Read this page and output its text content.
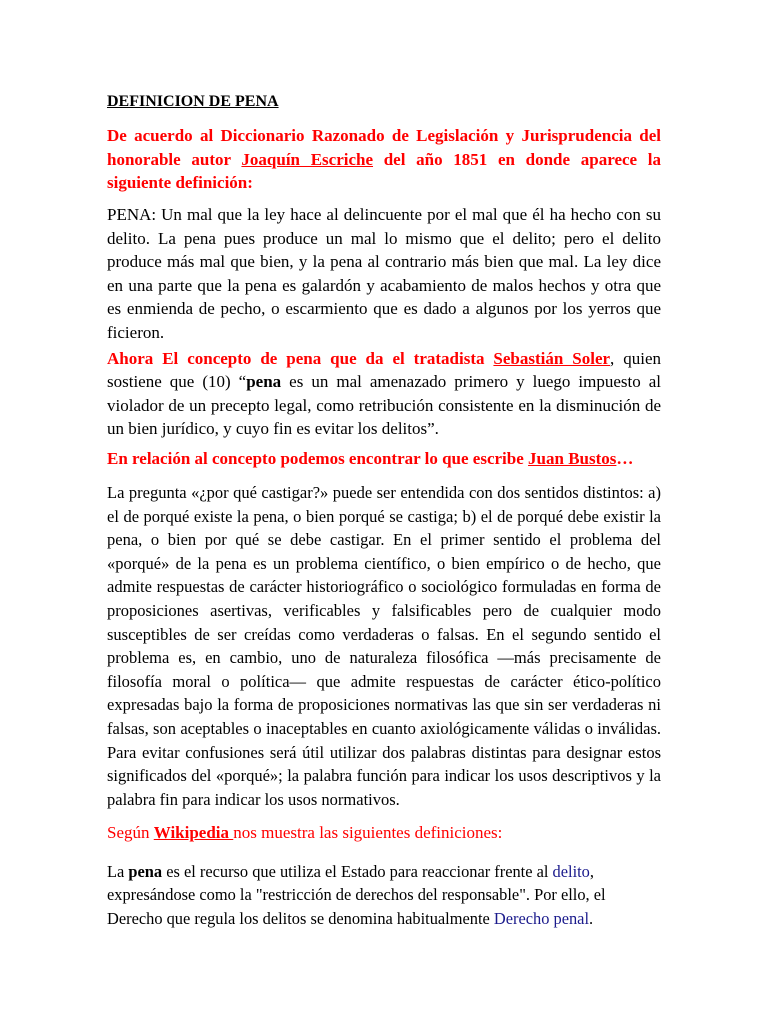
DEFINICION DE PENA

De acuerdo al Diccionario Razonado de Legislación y Jurisprudencia del honorable autor Joaquín Escriche del año 1851 en donde aparece la siguiente definición:

PENA: Un mal que la ley hace al delincuente por el mal que él ha hecho con su delito. La pena pues produce un mal lo mismo que el delito; pero el delito produce más mal que bien, y la pena al contrario más bien que mal. La ley dice en una parte que la pena es galardón y acabamiento de malos hechos y otra que es enmienda de pecho, o escarmiento que es dado a algunos por los yerros que ficieron.

Ahora El concepto de pena que da el tratadista Sebastián Soler, quien sostiene que (10) “pena es un mal amenazado primero y luego impuesto al violador de un precepto legal, como retribución consistente en la disminución de un bien jurídico, y cuyo fin es evitar los delitos”.

En relación al concepto podemos encontrar lo que escribe Juan Bustos…

La pregunta «¿por qué castigar?» puede ser entendida con dos sentidos distintos: a) el de porqué existe la pena, o bien porqué se castiga; b) el de porqué debe existir la pena, o bien por qué se debe castigar. En el primer sentido el problema del «porqué» de la pena es un problema científico, o bien empírico o de hecho, que admite respuestas de carácter historiográfico o sociológico formuladas en forma de proposiciones asertivas, verificables y falsificables pero de cualquier modo susceptibles de ser creídas como verdaderas o falsas. En el segundo sentido el problema es, en cambio, uno de naturaleza filosófica —más precisamente de filosofía moral o política— que admite respuestas de carácter ético-político expresadas bajo la forma de proposiciones normativas las que sin ser verdaderas ni falsas, son aceptables o inaceptables en cuanto axiológicamente válidas o inválidas. Para evitar confusiones será útil utilizar dos palabras distintas para designar estos significados del «porqué»; la palabra función para indicar los usos descriptivos y la palabra fin para indicar los usos normativos.

Según Wikipedia nos muestra las siguientes definiciones:

La pena es el recurso que utiliza el Estado para reaccionar frente al delito, expresándose como la "restricción de derechos del responsable". Por ello, el Derecho que regula los delitos se denomina habitualmente Derecho penal.
